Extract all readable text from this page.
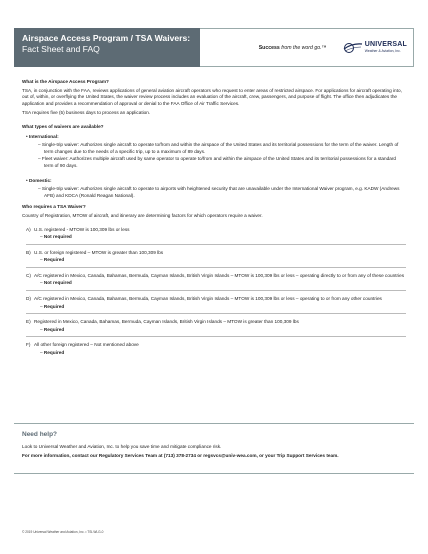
Airspace Access Program / TSA Waivers:
Fact Sheet and FAQ	Success from the word go.™	UNIVERSAL
Weather & Aviation, Inc.
What is the Airspace Access Program?
TSA, in conjunction with the FAA, reviews applications of general aviation aircraft operators who request to enter areas of restricted airspace. For applications for aircraft operating into, out of, within, or overflying the United States, the waiver review process includes an evaluation of the aircraft, crew, passengers, and purpose of flight. The office then adjudicates the application and provides a recommendation of approval or denial to the FAA Office of Air Traffic Services.
TSA requires five (5) business days to process an application.
What types of waivers are available?
• International:
– Single-trip waiver: Authorizes single aircraft to operate to/from and within the airspace of the United States and its territorial possessions for the term of the waiver. Length of term changes due to the needs of a specific trip, up to a maximum of 89 days.
– Fleet waiver: Authorizes multiple aircraft used by same operator to operate to/from and within the airspace of the United States and its territorial possessions for a standard term of 90 days.
• Domestic:
– Single-trip waiver: Authorizes single aircraft to operate to airports with heightened security that are unavailable under the International Waiver program, e.g. KADW (Andrews AFB) and KDCA (Ronald Reagan National).
Who requires a TSA Waiver?
Country of Registration, MTOW of aircraft, and itinerary are determining factors for which operators require a waiver.
A) U.S. registered - MTOW is 100,309 lbs or less
– Not required
B) U.S. or foreign registered – MTOW is greater than 100,309 lbs
– Required
C) A/C registered in Mexico, Canada, Bahamas, Bermuda, Cayman Islands, British Virgin Islands – MTOW is 100,309 lbs or less – operating directly to or from any of these countries
– Not required
D) A/C registered in Mexico, Canada, Bahamas, Bermuda, Cayman Islands, British Virgin Islands – MTOW is 100,309 lbs or less – operating to or from any other countries
– Required
E) Registered in Mexico, Canada, Bahamas, Bermuda, Cayman Islands, British Virgin Islands – MTOW is greater than 100,309 lbs
– Required
F) All other foreign registered – Not mentioned above
– Required
Need help?
Look to Universal Weather and Aviation, Inc. to help you save time and mitigate compliance risk.
For more information, contact our Regulatory Services Team at (713) 378-2734 or regsvcs@univ-wea.com, or your Trip Support Services team.
© 2019 Universal Weather and Aviation, Inc. • TSI-WLG-0
